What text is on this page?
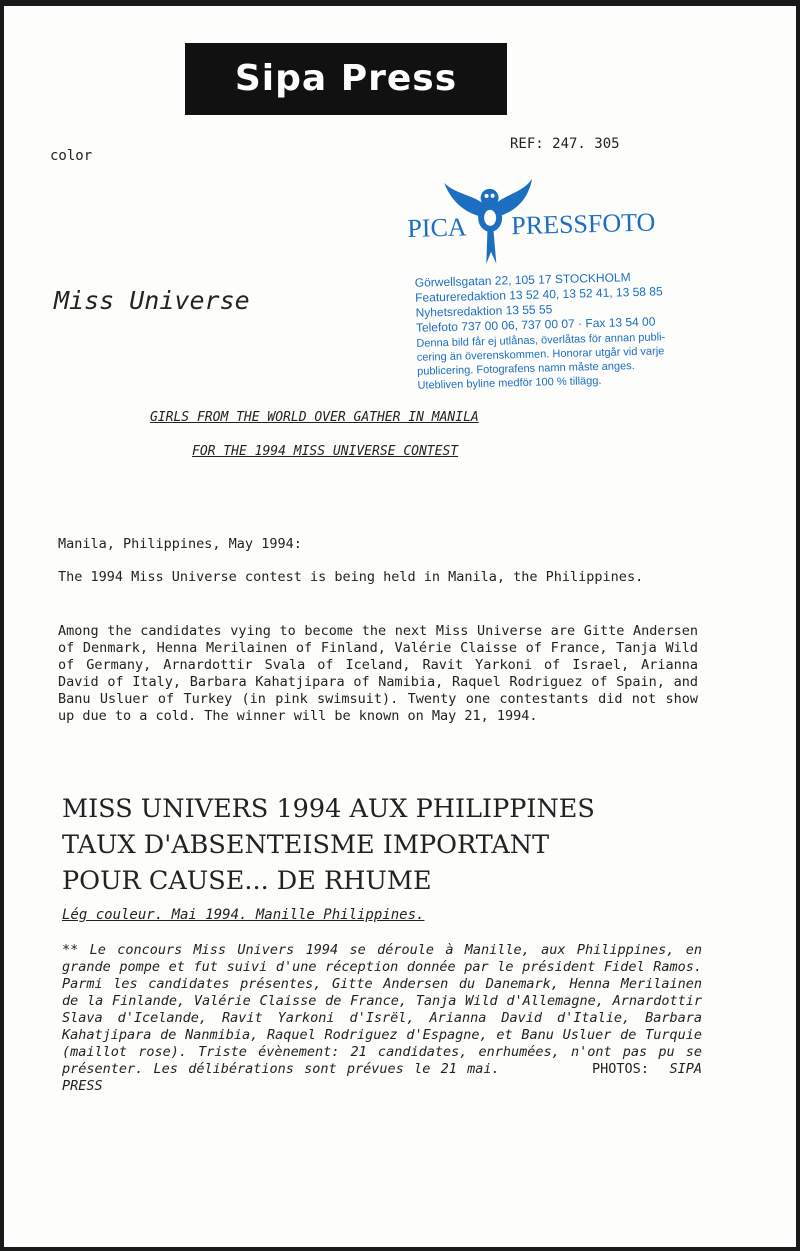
Sipa Press
color
REF: 247. 305
Miss Universe
PICA PRESSFOTO
Görwellsgatan 22, 105 17 STOCKHOLM
Featureredaktion 13 52 40, 13 52 41, 13 58 85
Nyhetsredaktion 13 55 55
Telefoto 737 00 06, 737 00 07 · Fax 13 54 00
Denna bild får ej utlånas, överlåtas för annan publi-
cering än överenskommen. Honorar utgår vid varje
publicering. Fotografens namn måste anges.
Utebliven byline medför 100 % tillägg.
GIRLS FROM THE WORLD OVER GATHER IN MANILA
FOR THE 1994 MISS UNIVERSE CONTEST

Manila, Philippines, May 1994:

The 1994 Miss Universe contest is being held in Manila, the Philippines.

Among the candidates vying to become the next Miss Universe are Gitte Andersen of Denmark, Henna Merilainen of Finland, Valérie Claisse of France, Tanja Wild of Germany, Arnardottir Svala of Iceland, Ravit Yarkoni of Israel, Arianna David of Italy, Barbara Kahatjipara of Namibia, Raquel Rodriguez of Spain, and Banu Usluer of Turkey (in pink swimsuit). Twenty one contestants did not show up due to a cold. The winner will be known on May 21, 1994.

MISS UNIVERS 1994 AUX PHILIPPINES
TAUX D'ABSENTEISME IMPORTANT
POUR CAUSE... DE RHUME
Lég couleur. Mai 1994. Manille Philippines.

** Le concours Miss Univers 1994 se déroule à Manille, aux Philippines, en grande pompe et fut suivi d'une réception donnée par le président Fidel Ramos. Parmi les candidates présentes, Gitte Andersen du Danemark, Henna Merilainen de la Finlande, Valérie Claisse de France, Tanja Wild d'Allemagne, Arnardottir Slava d'Icelande, Ravit Yarkoni d'Isrël, Arianna David d'Italie, Barbara Kahatjipara de Nanmibia, Raquel Rodriguez d'Espagne, et Banu Usluer de Turquie (maillot rose). Triste évènement: 21 candidates, enrhumées, n'ont pas pu se présenter. Les délibérations sont prévues le 21 mai.	PHOTOS: SIPA PRESS
